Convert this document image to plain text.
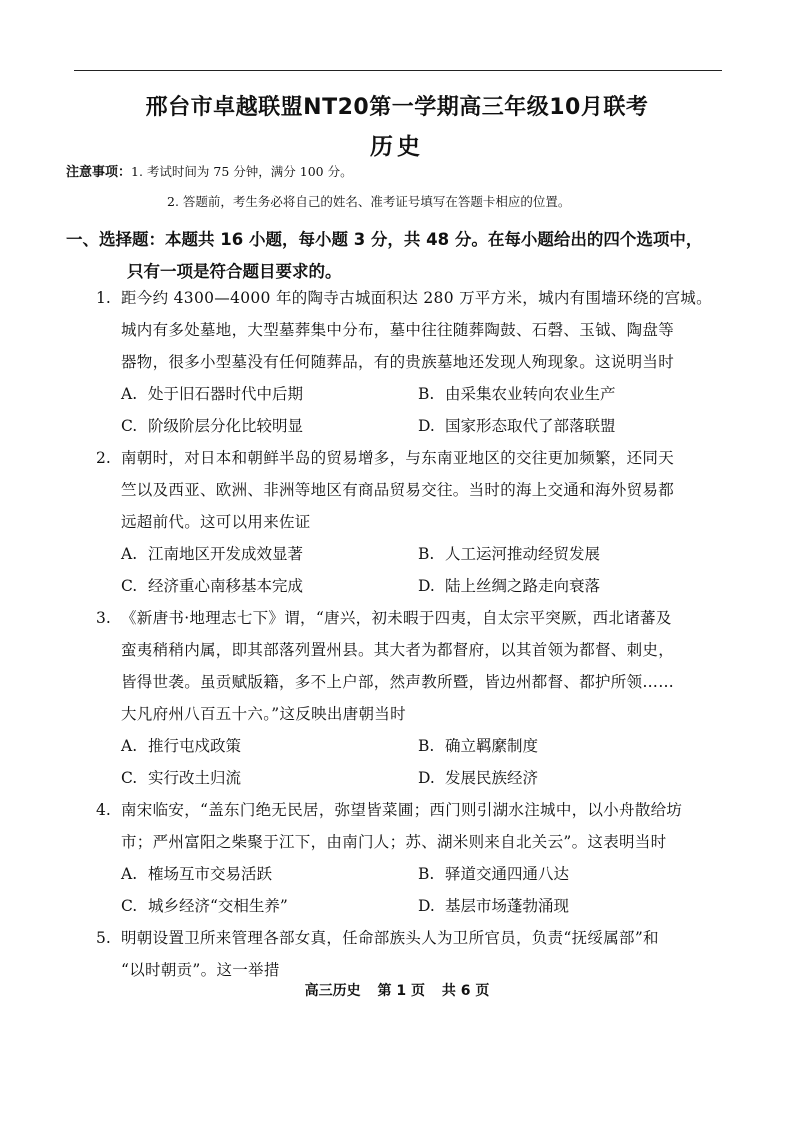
邢台市卓越联盟NT20第一学期高三年级10月联考
历史
注意事项：1. 考试时间为 75 分钟，满分 100 分。
2. 答题前，考生务必将自己的姓名、准考证号填写在答题卡相应的位置。
一、选择题：本题共 16 小题，每小题 3 分，共 48 分。在每小题给出的四个选项中，
只有一项是符合题目要求的。
1. 距今约 4300—4000 年的陶寺古城面积达 280 万平方米，城内有围墙环绕的宫城。
城内有多处墓地，大型墓葬集中分布，墓中往往随葬陶鼓、石磬、玉钺、陶盘等
器物，很多小型墓没有任何随葬品，有的贵族墓地还发现人殉现象。这说明当时
A. 处于旧石器时代中后期	B. 由采集农业转向农业生产
C. 阶级阶层分化比较明显	D. 国家形态取代了部落联盟
2. 南朝时，对日本和朝鲜半岛的贸易增多，与东南亚地区的交往更加频繁，还同天
竺以及西亚、欧洲、非洲等地区有商品贸易交往。当时的海上交通和海外贸易都
远超前代。这可以用来佐证
A. 江南地区开发成效显著	B. 人工运河推动经贸发展
C. 经济重心南移基本完成	D. 陆上丝绸之路走向衰落
3. 《新唐书·地理志七下》谓，“唐兴，初未暇于四夷，自太宗平突厥，西北诸蕃及
蛮夷稍稍内属，即其部落列置州县。其大者为都督府，以其首领为都督、刺史，
皆得世袭。虽贡赋版籍，多不上户部，然声教所暨，皆边州都督、都护所领……
大凡府州八百五十六。”这反映出唐朝当时
A. 推行屯戍政策	B. 确立羁縻制度
C. 实行改土归流	D. 发展民族经济
4. 南宋临安，“盖东门绝无民居，弥望皆菜圃；西门则引湖水注城中，以小舟散给坊
市；严州富阳之柴聚于江下，由南门人；苏、湖米则来自北关云”。这表明当时
A. 榷场互市交易活跃	B. 驿道交通四通八达
C. 城乡经济“交相生养”	D. 基层市场蓬勃涌现
5. 明朝设置卫所来管理各部女真，任命部族头人为卫所官员，负责“抚绥属部”和
“以时朝贡”。这一举措
高三历史 第 1 页 共 6 页
